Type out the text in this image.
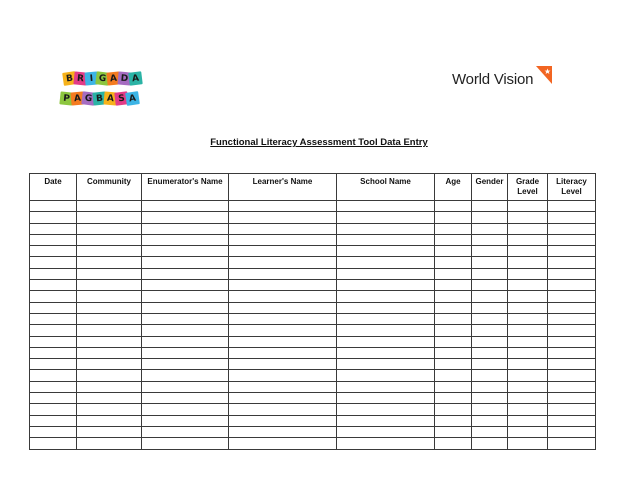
B R I G A D A
P A G B A S A
World Vision
Functional Literacy Assessment Tool Data Entry
Date	Community	Enumerator's Name	Learner's Name	School Name	Age	Gender	Grade Level	Literacy Level
